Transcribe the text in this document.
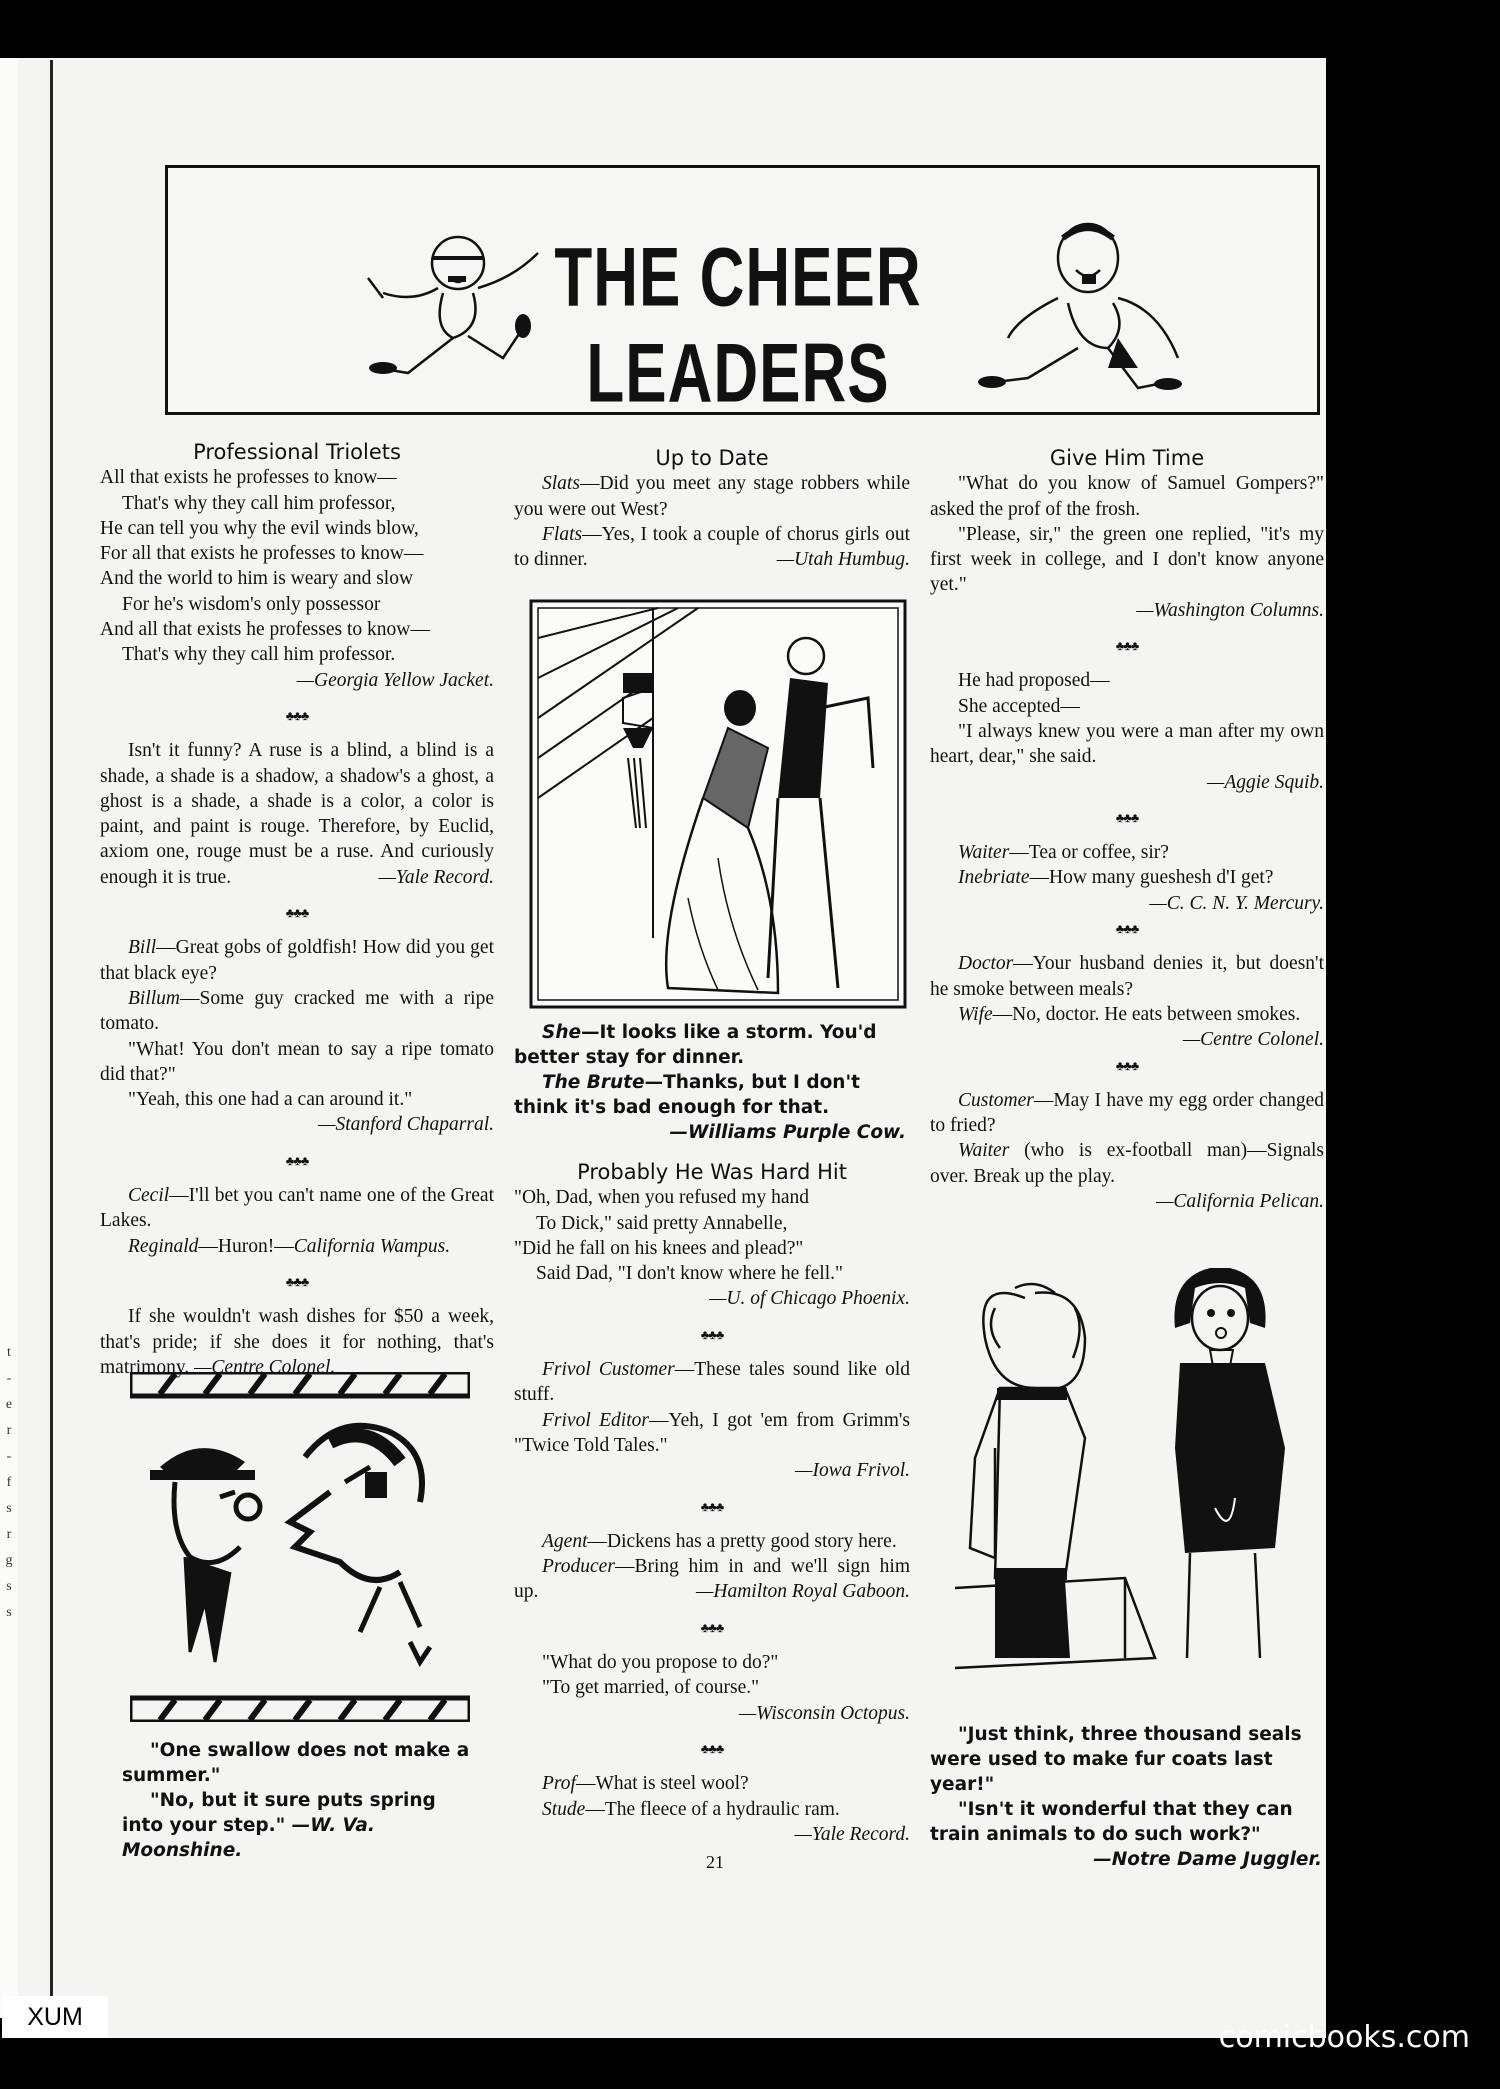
t
-
e
r
-
f
s
r
g
s
s
THE CHEER LEADERS

Professional Triolets

All that exists he professes to know—

That's why they call him professor,

He can tell you why the evil winds blow,

For all that exists he professes to know—

And the world to him is weary and slow

For he's wisdom's only possessor

And all that exists he professes to know—

That's why they call him professor.

—Georgia Yellow Jacket.

♣♣♣

Isn't it funny? A ruse is a blind, a blind is a shade, a shade is a shadow, a shadow's a ghost, a ghost is a shade, a shade is a color, a color is paint, and paint is rouge. Therefore, by Euclid, axiom one, rouge must be a ruse. And curiously enough it is true.	—Yale Record.

♣♣♣

Bill—Great gobs of goldfish! How did you get that black eye?

Billum—Some guy cracked me with a ripe tomato.

"What! You don't mean to say a ripe tomato did that?"

"Yeah, this one had a can around it."

—Stanford Chaparral.

♣♣♣

Cecil—I'll bet you can't name one of the Great Lakes.

Reginald—Huron!—California Wampus.

♣♣♣

If she wouldn't wash dishes for $50 a week, that's pride; if she does it for nothing, that's matrimony. —Centre Colonel.

"One swallow does not make a summer."

"No, but it sure puts spring into your step." —W. Va. Moonshine.

Up to Date

Slats—Did you meet any stage robbers while you were out West?

Flats—Yes, I took a couple of chorus girls out to dinner.	—Utah Humbug.

She—It looks like a storm. You'd better stay for dinner.

The Brute—Thanks, but I don't think it's bad enough for that.

—Williams Purple Cow.

Probably He Was Hard Hit

"Oh, Dad, when you refused my hand

To Dick," said pretty Annabelle,

"Did he fall on his knees and plead?"

Said Dad, "I don't know where he fell."

—U. of Chicago Phoenix.

♣♣♣

Frivol Customer—These tales sound like old stuff.

Frivol Editor—Yeh, I got 'em from Grimm's "Twice Told Tales."

—Iowa Frivol.

♣♣♣

Agent—Dickens has a pretty good story here.

Producer—Bring him in and we'll sign him up.	—Hamilton Royal Gaboon.

♣♣♣

"What do you propose to do?"

"To get married, of course."

—Wisconsin Octopus.

♣♣♣

Prof—What is steel wool?

Stude—The fleece of a hydraulic ram.

—Yale Record.

Give Him Time

"What do you know of Samuel Gompers?" asked the prof of the frosh.

"Please, sir," the green one replied, "it's my first week in college, and I don't know anyone yet."

—Washington Columns.

♣♣♣

He had proposed—

She accepted—

"I always knew you were a man after my own heart, dear," she said.

—Aggie Squib.

♣♣♣

Waiter—Tea or coffee, sir?

Inebriate—How many gueshesh d'I get?
—C. C. N. Y. Mercury.

♣♣♣

Doctor—Your husband denies it, but doesn't he smoke between meals?

Wife—No, doctor. He eats between smokes.
—Centre Colonel.

♣♣♣

Customer—May I have my egg order changed to fried?

Waiter (who is ex-football man)—Signals over. Break up the play.

—California Pelican.

"Just think, three thousand seals were used to make fur coats last year!"

"Isn't it wonderful that they can train animals to do such work?"

—Notre Dame Juggler.

21
XUM
comicbooks.com
